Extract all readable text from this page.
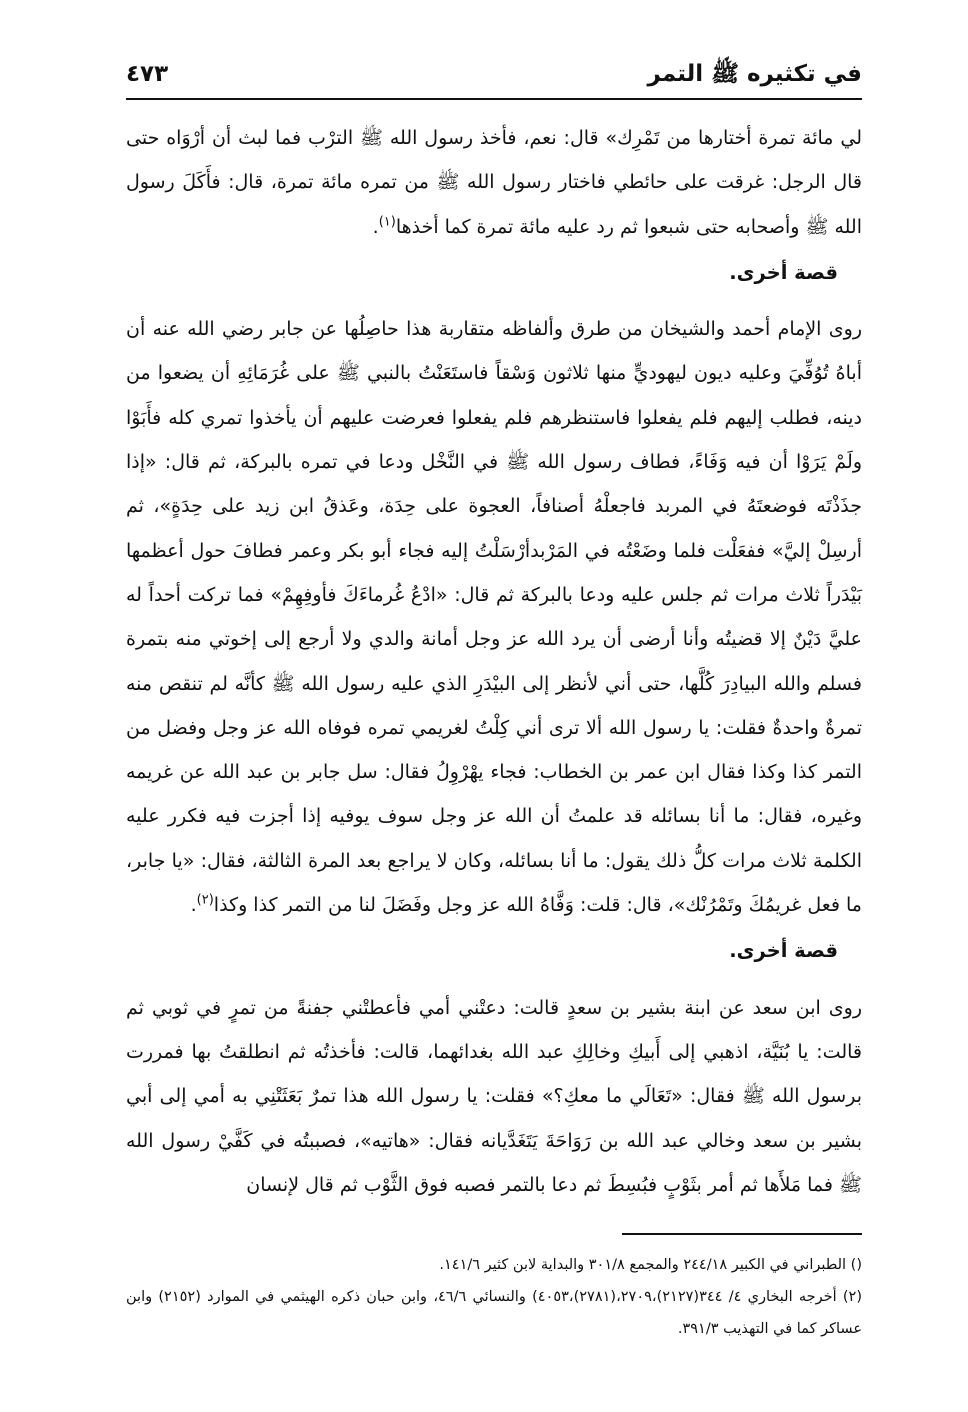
في تكثيره ﷺ التمر
٤٧٣

لي مائة تمرة أختارها من تَمْرِك» قال: نعم، فأخذ رسول الله ﷺ الترْب فما لبث أن أرْوَاه حتى قال الرجل: غرقت على حائطي فاختار رسول الله ﷺ من تمره مائة تمرة، قال: فأَكَلَ رسول الله ﷺ وأصحابه حتى شبعوا ثم رد عليه مائة تمرة كما أخذها$^{(١)}$.

قصة أخرى.

روى الإمام أحمد والشيخان من طرق وألفاظه متقاربة هذا حاصِلُها عن جابر رضي الله عنه أن أباهُ تُوُفِّيَ وعليه ديون ليهوديٍّ منها ثلاثون وَسْقاً فاستَعَنْتُ بالنبي ﷺ على غُرَمَائِهِ أن يضعوا من دينه، فطلب إليهم فلم يفعلوا فاستنظرهم فلم يفعلوا فعرضت عليهم أن يأخذوا تمري كله فأَبَوْا ولَمْ يَرَوْا أن فيه وَفَاءً، فطاف رسول الله ﷺ في النَّخْل ودعا في تمره بالبركة، ثم قال: «إذا جذَذْتَه فوضعتَهُ في المربد فاجعلْهُ أصنافاً، العجوة على حِدَة، وعَذقُ ابن زيد على حِدَةٍ»، ثم أرسِلْ إليَّ» ففعَلْت فلما وضَعْتُه في المَرْبدأرْسَلْتُ إليه فجاء أبو بكر وعمر فطافَ حول أعظمها بَيْدَراً ثلاث مرات ثم جلس عليه ودعا بالبركة ثم قال: «ادْعُ غُرماءَكَ فأوفِهِمْ» فما تركت أحداً له عليَّ دَيْنٌ إلا قضيتُه وأنا أرضى أن يرد الله عز وجل أمانة والدي ولا أرجع إلى إخوتي منه بتمرة فسلم والله البيادِرَ كُلَّها، حتى أني لأنظر إلى البيْدَرِ الذي عليه رسول الله ﷺ كأنَّه لم تنقص منه تمرةٌ واحدةٌ فقلت: يا رسول الله ألا ترى أني كِلْتُ لغريمي تمره فوفاه الله عز وجل وفضل من التمر كذا وكذا فقال ابن عمر بن الخطاب: فجاء يهْرْوِلُ فقال: سل جابر بن عبد الله عن غريمه وغيره، فقال: ما أنا بسائله قد علمتُ أن الله عز وجل سوف يوفيه إذا أجزت فيه فكرر عليه الكلمة ثلاث مرات كلُّ ذلك يقول: ما أنا بسائله، وكان لا يراجع بعد المرة الثالثة، فقال: «يا جابر، ما فعل غريمُكَ وتَمْرُنْك»، قال: قلت: وَفَّاهُ الله عز وجل وفَضَلَ لنا من التمر كذا وكذا$^{(٢)}$.

قصة أخرى.

روى ابن سعد عن ابنة بشير بن سعدٍ قالت: دعتْني أمي فأعطتْني جفنةً من تمرٍ في ثوبي ثم قالت: يا بُنَيَّة، اذهبي إلى أَبيكِ وخالِكِ عبد الله بغدائهما، قالت: فأخذتُه ثم انطلقتُ بها فمررت برسول الله ﷺ فقال: «تَعَالَي ما معكِ؟» فقلت: يا رسول الله هذا تمرٌ بَعَثَتْنِي به أمي إلى أبي بشير بن سعد وخالي عبد الله بن رَوَاحَةَ يَتَغَدَّيانه فقال: «هاتيه»، فصببتُه في كَفَّيْ رسول الله ﷺ فما مَلأَها ثم أمر بثَوْبٍ فبُسِطَ ثم دعا بالتمر فصبه فوق الثَّوْب ثم قال لإنسان

() الطبراني في الكبير ٢٤٤/١٨ والمجمع ٣٠١/٨ والبداية لابن كثير ١٤١/٦.

(٢) أخرجه البخاري ٤/ ٣٤٤(٢١٢٧)،٢٧٠٩،(٢٧٨١)،٤٠٥٣) والنسائي ٤٦/٦، وابن حبان ذكره الهيثمي في الموارد (٢١٥٢) وابن عساكر كما في التهذيب ٣٩١/٣.
